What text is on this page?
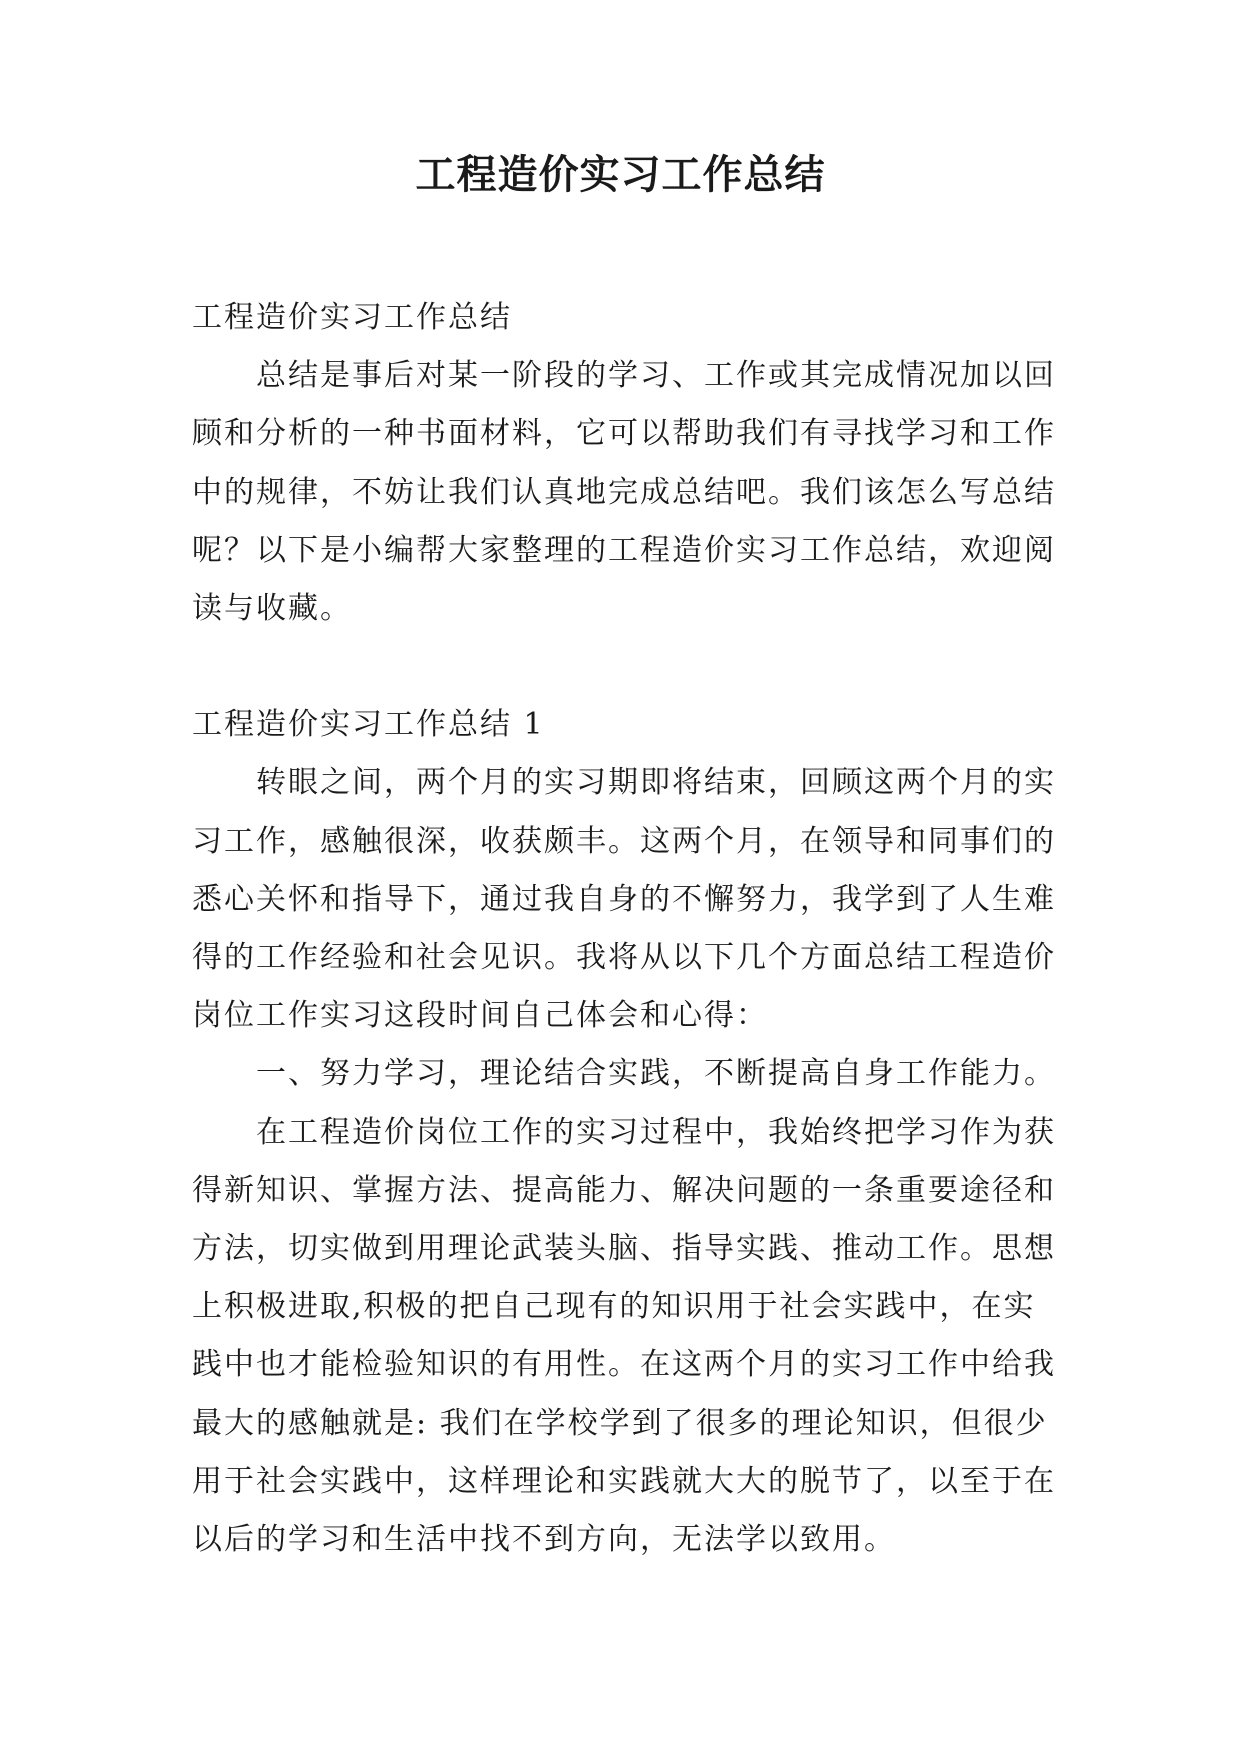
工程造价实习工作总结

工程造价实习工作总结

总结是事后对某一阶段的学习、工作或其完成情况加以回顾和分析的一种书面材料，它可以帮助我们有寻找学习和工作中的规律，不妨让我们认真地完成总结吧。我们该怎么写总结呢？以下是小编帮大家整理的工程造价实习工作总结，欢迎阅读与收藏。

工程造价实习工作总结 1

转眼之间，两个月的实习期即将结束，回顾这两个月的实习工作，感触很深，收获颇丰。这两个月，在领导和同事们的悉心关怀和指导下，通过我自身的不懈努力，我学到了人生难得的工作经验和社会见识。我将从以下几个方面总结工程造价岗位工作实习这段时间自己体会和心得：

一、努力学习，理论结合实践，不断提高自身工作能力。

在工程造价岗位工作的实习过程中，我始终把学习作为获得新知识、掌握方法、提高能力、解决问题的一条重要途径和方法，切实做到用理论武装头脑、指导实践、推动工作。思想上积极进取,积极的把自己现有的知识用于社会实践中，在实践中也才能检验知识的有用性。在这两个月的实习工作中给我最大的感触就是: 我们在学校学到了很多的理论知识，但很少用于社会实践中，这样理论和实践就大大的脱节了，以至于在以后的学习和生活中找不到方向，无法学以致用。
